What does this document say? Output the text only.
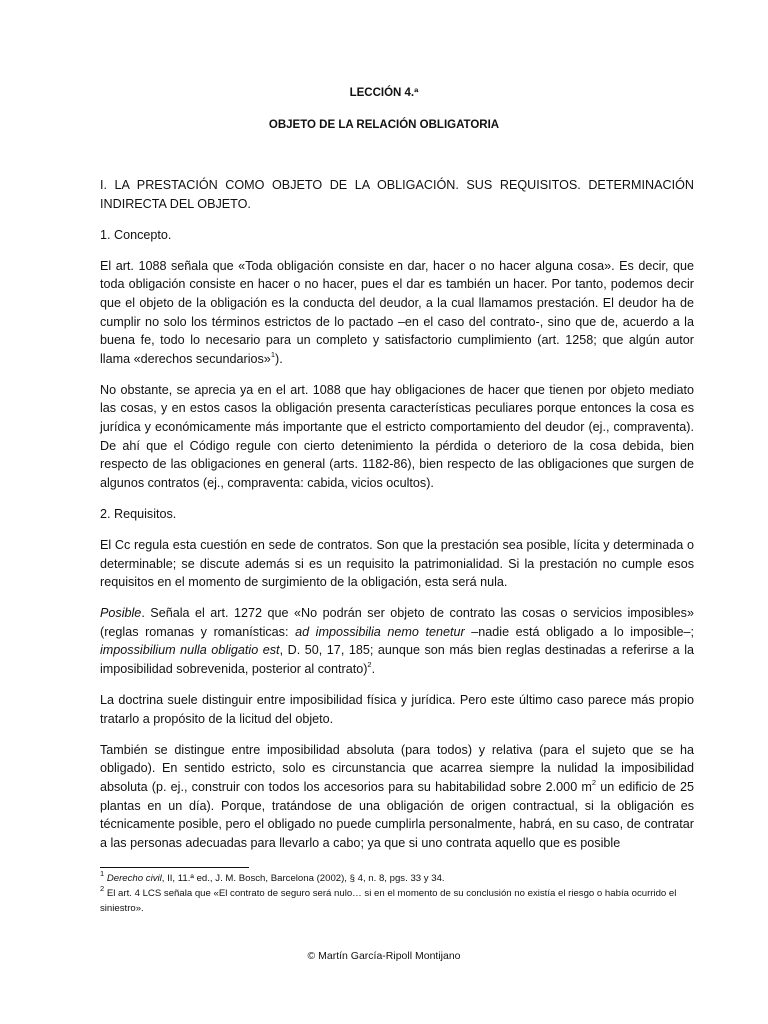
LECCIÓN 4.ª
OBJETO DE LA RELACIÓN OBLIGATORIA

I. LA PRESTACIÓN COMO OBJETO DE LA OBLIGACIÓN. SUS REQUISITOS. DETERMINACIÓN INDIRECTA DEL OBJETO.

1. Concepto.

El art. 1088 señala que «Toda obligación consiste en dar, hacer o no hacer alguna cosa». Es decir, que toda obligación consiste en hacer o no hacer, pues el dar es también un hacer. Por tanto, podemos decir que el objeto de la obligación es la conducta del deudor, a la cual llamamos prestación. El deudor ha de cumplir no solo los términos estrictos de lo pactado –en el caso del contrato-, sino que de, acuerdo a la buena fe, todo lo necesario para un completo y satisfactorio cumplimiento (art. 1258; que algún autor llama «derechos secundarios»$^1$).

No obstante, se aprecia ya en el art. 1088 que hay obligaciones de hacer que tienen por objeto mediato las cosas, y en estos casos la obligación presenta características peculiares porque entonces la cosa es jurídica y económicamente más importante que el estricto comportamiento del deudor (ej., compraventa). De ahí que el Código regule con cierto detenimiento la pérdida o deterioro de la cosa debida, bien respecto de las obligaciones en general (arts. 1182-86), bien respecto de las obligaciones que surgen de algunos contratos (ej., compraventa: cabida, vicios ocultos).

2. Requisitos.

El Cc regula esta cuestión en sede de contratos. Son que la prestación sea posible, lícita y determinada o determinable; se discute además si es un requisito la patrimonialidad. Si la prestación no cumple esos requisitos en el momento de surgimiento de la obligación, esta será nula.

Posible. Señala el art. 1272 que «No podrán ser objeto de contrato las cosas o servicios imposibles» (reglas romanas y romanísticas: ad impossibilia nemo tenetur –nadie está obligado a lo imposible–; impossibilium nulla obligatio est, D. 50, 17, 185; aunque son más bien reglas destinadas a referirse a la imposibilidad sobrevenida, posterior al contrato)$^2$.

La doctrina suele distinguir entre imposibilidad física y jurídica. Pero este último caso parece más propio tratarlo a propósito de la licitud del objeto.

También se distingue entre imposibilidad absoluta (para todos) y relativa (para el sujeto que se ha obligado). En sentido estricto, solo es circunstancia que acarrea siempre la nulidad la imposibilidad absoluta (p. ej., construir con todos los accesorios para su habitabilidad sobre 2.000 $m^2$ un edificio de 25 plantas en un día). Porque, tratándose de una obligación de origen contractual, si la obligación es técnicamente posible, pero el obligado no puede cumplirla personalmente, habrá, en su caso, de contratar a las personas adecuadas para llevarlo a cabo; ya que si uno contrata aquello que es posible

$^1$ Derecho civil, II, 11.ª ed., J. M. Bosch, Barcelona (2002), § 4, n. 8, pgs. 33 y 34.
$^2$ El art. 4 LCS señala que «El contrato de seguro será nulo… si en el momento de su conclusión no existía el riesgo o había ocurrido el siniestro».
© Martín García-Ripoll Montijano
